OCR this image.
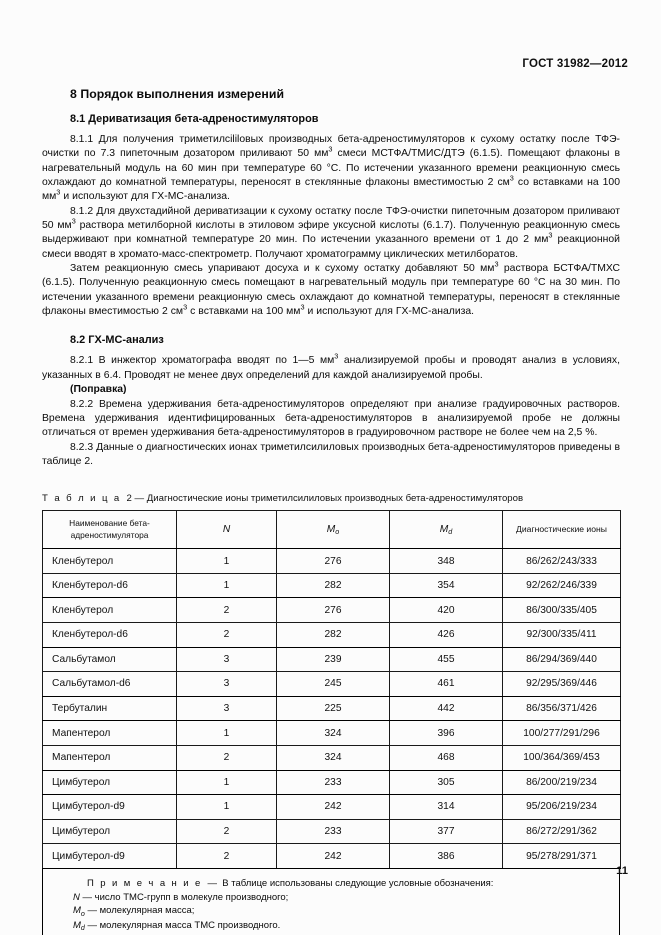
ГОСТ 31982—2012
8 Порядок выполнения измерений
8.1 Дериватизация бета-адреностимуляторов

8.1.1 Для получения триметилсililовых производных бета-адреностимуляторов к сухому остатку после ТФЭ-очистки по 7.3 пипеточным дозатором приливают 50 $мм^3$ смеси МСТФА/ТМИС/ДТЭ (6.1.5). Помещают флаконы в нагревательный модуль на 60 мин при температуре 60 °С. По истечении указанного времени реакционную смесь охлаждают до комнатной температуры, переносят в стеклянные флаконы вместимостью 2 $см^3$ со вставками на 100 $мм^3$ и используют для ГХ-МС-анализа.

8.1.2 Для двухстадийной дериватизации к сухому остатку после ТФЭ-очистки пипеточным дозатором приливают 50 $мм^3$ раствора метилборной кислоты в этиловом эфире уксусной кислоты (6.1.7). Полученную реакционную смесь выдерживают при комнатной температуре 20 мин. По истечении указанного времени от 1 до 2 $мм^3$ реакционной смеси вводят в хромато-масс-спектрометр. Получают хроматограмму циклических метилборатов.

Затем реакционную смесь упаривают досуха и к сухому остатку добавляют 50 $мм^3$ раствора БСТФА/ТМХС (6.1.5). Полученную реакционную смесь помещают в нагревательный модуль при температуре 60 °С на 30 мин. По истечении указанного времени реакционную смесь охлаждают до комнатной температуры, переносят в стеклянные флаконы вместимостью 2 $см^3$ с вставками на 100 $мм^3$ и используют для ГХ-МС-анализа.

8.2 ГХ-МС-анализ

8.2.1 В инжектор хроматографа вводят по 1—5 $мм^3$ анализируемой пробы и проводят анализ в условиях, указанных в 6.4. Проводят не менее двух определений для каждой анализируемой пробы.

(Поправка)

8.2.2 Времена удерживания бета-адреностимуляторов определяют при анализе градуировочных растворов. Времена удерживания идентифицированных бета-адреностимуляторов в анализируемой пробе не должны отличаться от времен удерживания бета-адреностимуляторов в градуировочном растворе не более чем на 2,5 %.

8.2.3 Данные о диагностических ионах триметилсилиловых производных бета-адреностимуляторов приведены в таблице 2.

Т а б л и ц а 2 — Диагностические ионы триметилсилиловых производных бета-адреностимуляторов
Наименование бета-
адреностимулятора	N	$M_o$	$M_d$	Диагностические ионы
Кленбутерол	1	276	348	86/262/243/333
Кленбутерол-d6	1	282	354	92/262/246/339
Кленбутерол	2	276	420	86/300/335/405
Кленбутерол-d6	2	282	426	92/300/335/411
Сальбутамол	3	239	455	86/294/369/440
Сальбутамол-d6	3	245	461	92/295/369/446
Тербуталин	3	225	442	86/356/371/426
Мапентерол	1	324	396	100/277/291/296
Мапентерол	2	324	468	100/364/369/453
Цимбутерол	1	233	305	86/200/219/234
Цимбутерол-d9	1	242	314	95/206/219/234
Цимбутерол	2	233	377	86/272/291/362
Цимбутерол-d9	2	242	386	95/278/291/371
П р и м е ч а н и е — В таблице использованы следующие условные обозначения:
N — число ТМС-групп в молекуле производного;
$M_o$ — молекулярная масса;
$M_d$ — молекулярная масса ТМС производного.
11
